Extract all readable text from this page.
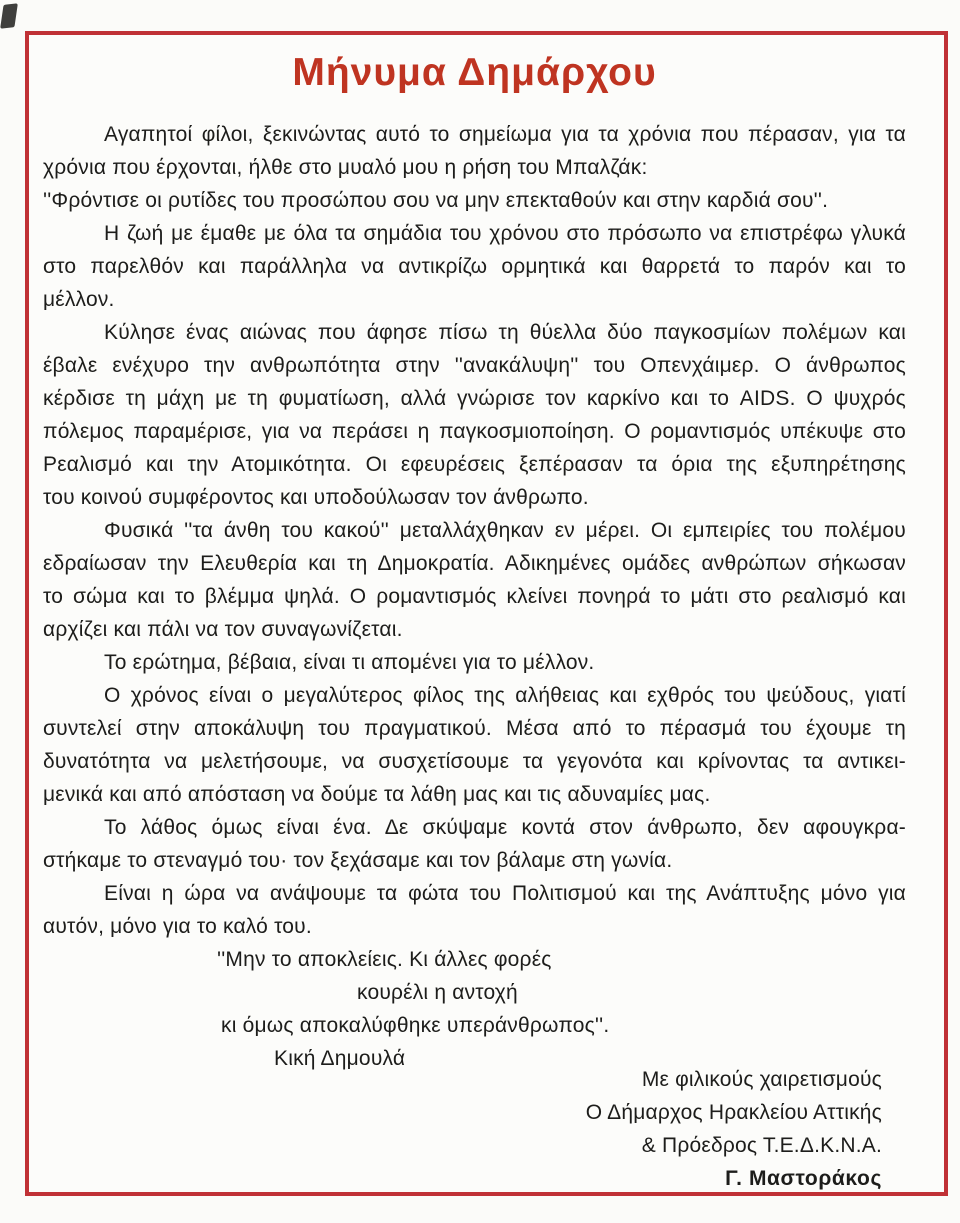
Μήνυμα Δημάρχου
Αγαπητοί φίλοι, ξεκινώντας αυτό το σημείωμα για τα χρόνια που πέρασαν, για τα
χρόνια που έρχονται, ήλθε στο μυαλό μου η ρήση του Μπαλζάκ:
''Φρόντισε οι ρυτίδες του προσώπου σου να μην επεκταθούν και στην καρδιά σου''.
Η ζωή με έμαθε με όλα τα σημάδια του χρόνου στο πρόσωπο να επιστρέφω γλυκά
στο παρελθόν και παράλληλα να αντικρίζω ορμητικά και θαρρετά το παρόν και το
μέλλον.
Κύλησε ένας αιώνας που άφησε πίσω τη θύελλα δύο παγκοσμίων πολέμων και
έβαλε ενέχυρο την ανθρωπότητα στην ''ανακάλυψη'' του Οπενχάιμερ. Ο άνθρωπος
κέρδισε τη μάχη με τη φυματίωση, αλλά γνώρισε τον καρκίνο και το AIDS. Ο ψυχρός
πόλεμος παραμέρισε, για να περάσει η παγκοσμιοποίηση. Ο ρομαντισμός υπέκυψε στο
Ρεαλισμό και την Ατομικότητα. Οι εφευρέσεις ξεπέρασαν τα όρια της εξυπηρέτησης
του κοινού συμφέροντος και υποδούλωσαν τον άνθρωπο.
Φυσικά ''τα άνθη του κακού'' μεταλλάχθηκαν εν μέρει. Οι εμπειρίες του πολέμου
εδραίωσαν την Ελευθερία και τη Δημοκρατία. Αδικημένες ομάδες ανθρώπων σήκωσαν
το σώμα και το βλέμμα ψηλά. Ο ρομαντισμός κλείνει πονηρά το μάτι στο ρεαλισμό και
αρχίζει και πάλι να τον συναγωνίζεται.
Το ερώτημα, βέβαια, είναι τι απομένει για το μέλλον.
Ο χρόνος είναι ο μεγαλύτερος φίλος της αλήθειας και εχθρός του ψεύδους, γιατί
συντελεί στην αποκάλυψη του πραγματικού. Μέσα από το πέρασμά του έχουμε τη
δυνατότητα να μελετήσουμε, να συσχετίσουμε τα γεγονότα και κρίνοντας τα αντικει-
μενικά και από απόσταση να δούμε τα λάθη μας και τις αδυναμίες μας.
Το λάθος όμως είναι ένα. Δε σκύψαμε κοντά στον άνθρωπο, δεν αφουγκρα-
στήκαμε το στεναγμό του· τον ξεχάσαμε και τον βάλαμε στη γωνία.
Είναι η ώρα να ανάψουμε τα φώτα του Πολιτισμού και της Ανάπτυξης μόνο για
αυτόν, μόνο για το καλό του.
''Μην το αποκλείεις. Κι άλλες φορές
κουρέλι η αντοχή
κι όμως αποκαλύφθηκε υπεράνθρωπος''.
Κική Δημουλά
Με φιλικούς χαιρετισμούς
Ο Δήμαρχος Ηρακλείου Αττικής
& Πρόεδρος Τ.Ε.Δ.Κ.Ν.Α.
Γ. Μαστοράκος
